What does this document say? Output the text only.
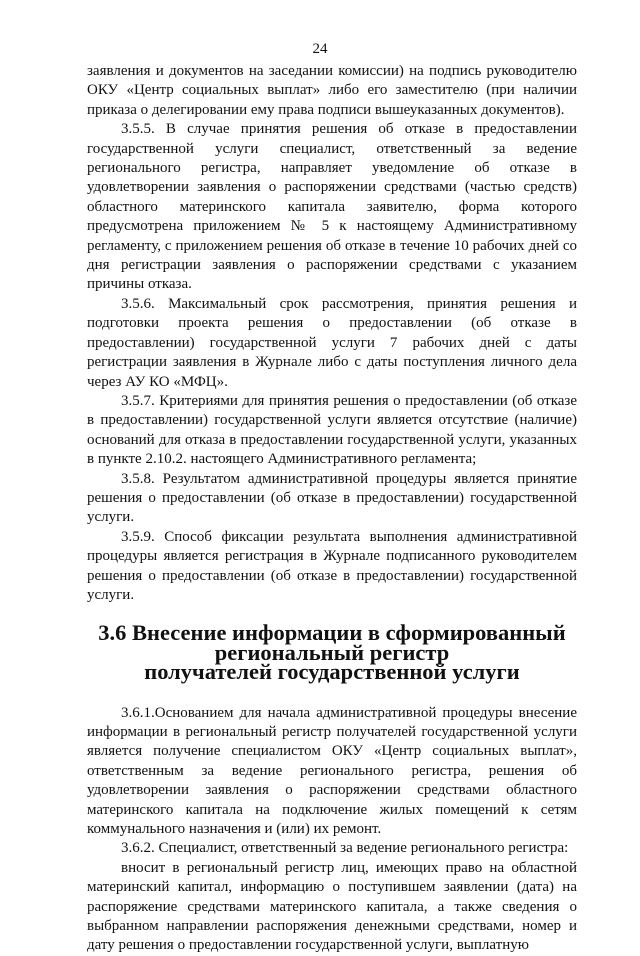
24

заявления и документов на заседании комиссии) на подпись руководителю ОКУ «Центр социальных выплат» либо его заместителю (при наличии приказа о делегировании ему права подписи вышеуказанных документов).

3.5.5. В случае принятия решения об отказе в предоставлении государственной услуги специалист, ответственный за ведение регионального регистра, направляет уведомление об отказе в удовлетворении заявления о распоряжении средствами (частью средств) областного материнского капитала заявителю, форма которого предусмотрена приложением № 5 к настоящему Административному регламенту, с приложением решения об отказе в течение 10 рабочих дней со дня регистрации заявления о распоряжении средствами с указанием причины отказа.

3.5.6. Максимальный срок рассмотрения, принятия решения и подготовки проекта решения о предоставлении (об отказе в предоставлении) государственной услуги 7 рабочих дней с даты регистрации заявления в Журнале либо с даты поступления личного дела через АУ КО «МФЦ».

3.5.7. Критериями для принятия решения о предоставлении (об отказе в предоставлении) государственной услуги является отсутствие (наличие) оснований для отказа в предоставлении государственной услуги, указанных в пункте 2.10.2. настоящего Административного регламента;

3.5.8. Результатом административной процедуры является принятие решения о предоставлении (об отказе в предоставлении) государственной услуги.

3.5.9. Способ фиксации результата выполнения административной процедуры является регистрация в Журнале подписанного руководителем решения о предоставлении (об отказе в предоставлении) государственной услуги.

3.6 Внесение информации в сформированный региональный регистр
получателей государственной услуги

3.6.1.Основанием для начала административной процедуры внесение информации в региональный регистр получателей государственной услуги является получение специалистом ОКУ «Центр социальных выплат», ответственным за ведение регионального регистра, решения об удовлетворении заявления о распоряжении средствами областного материнского капитала на подключение жилых помещений к сетям коммунального назначения и (или) их ремонт.

3.6.2. Специалист, ответственный за ведение регионального регистра:

вносит в региональный регистр лиц, имеющих право на областной материнский капитал, информацию о поступившем заявлении (дата) на распоряжение средствами материнского капитала, а также сведения о выбранном направлении распоряжения денежными средствами, номер и дату решения о предоставлении государственной услуги, выплатную
